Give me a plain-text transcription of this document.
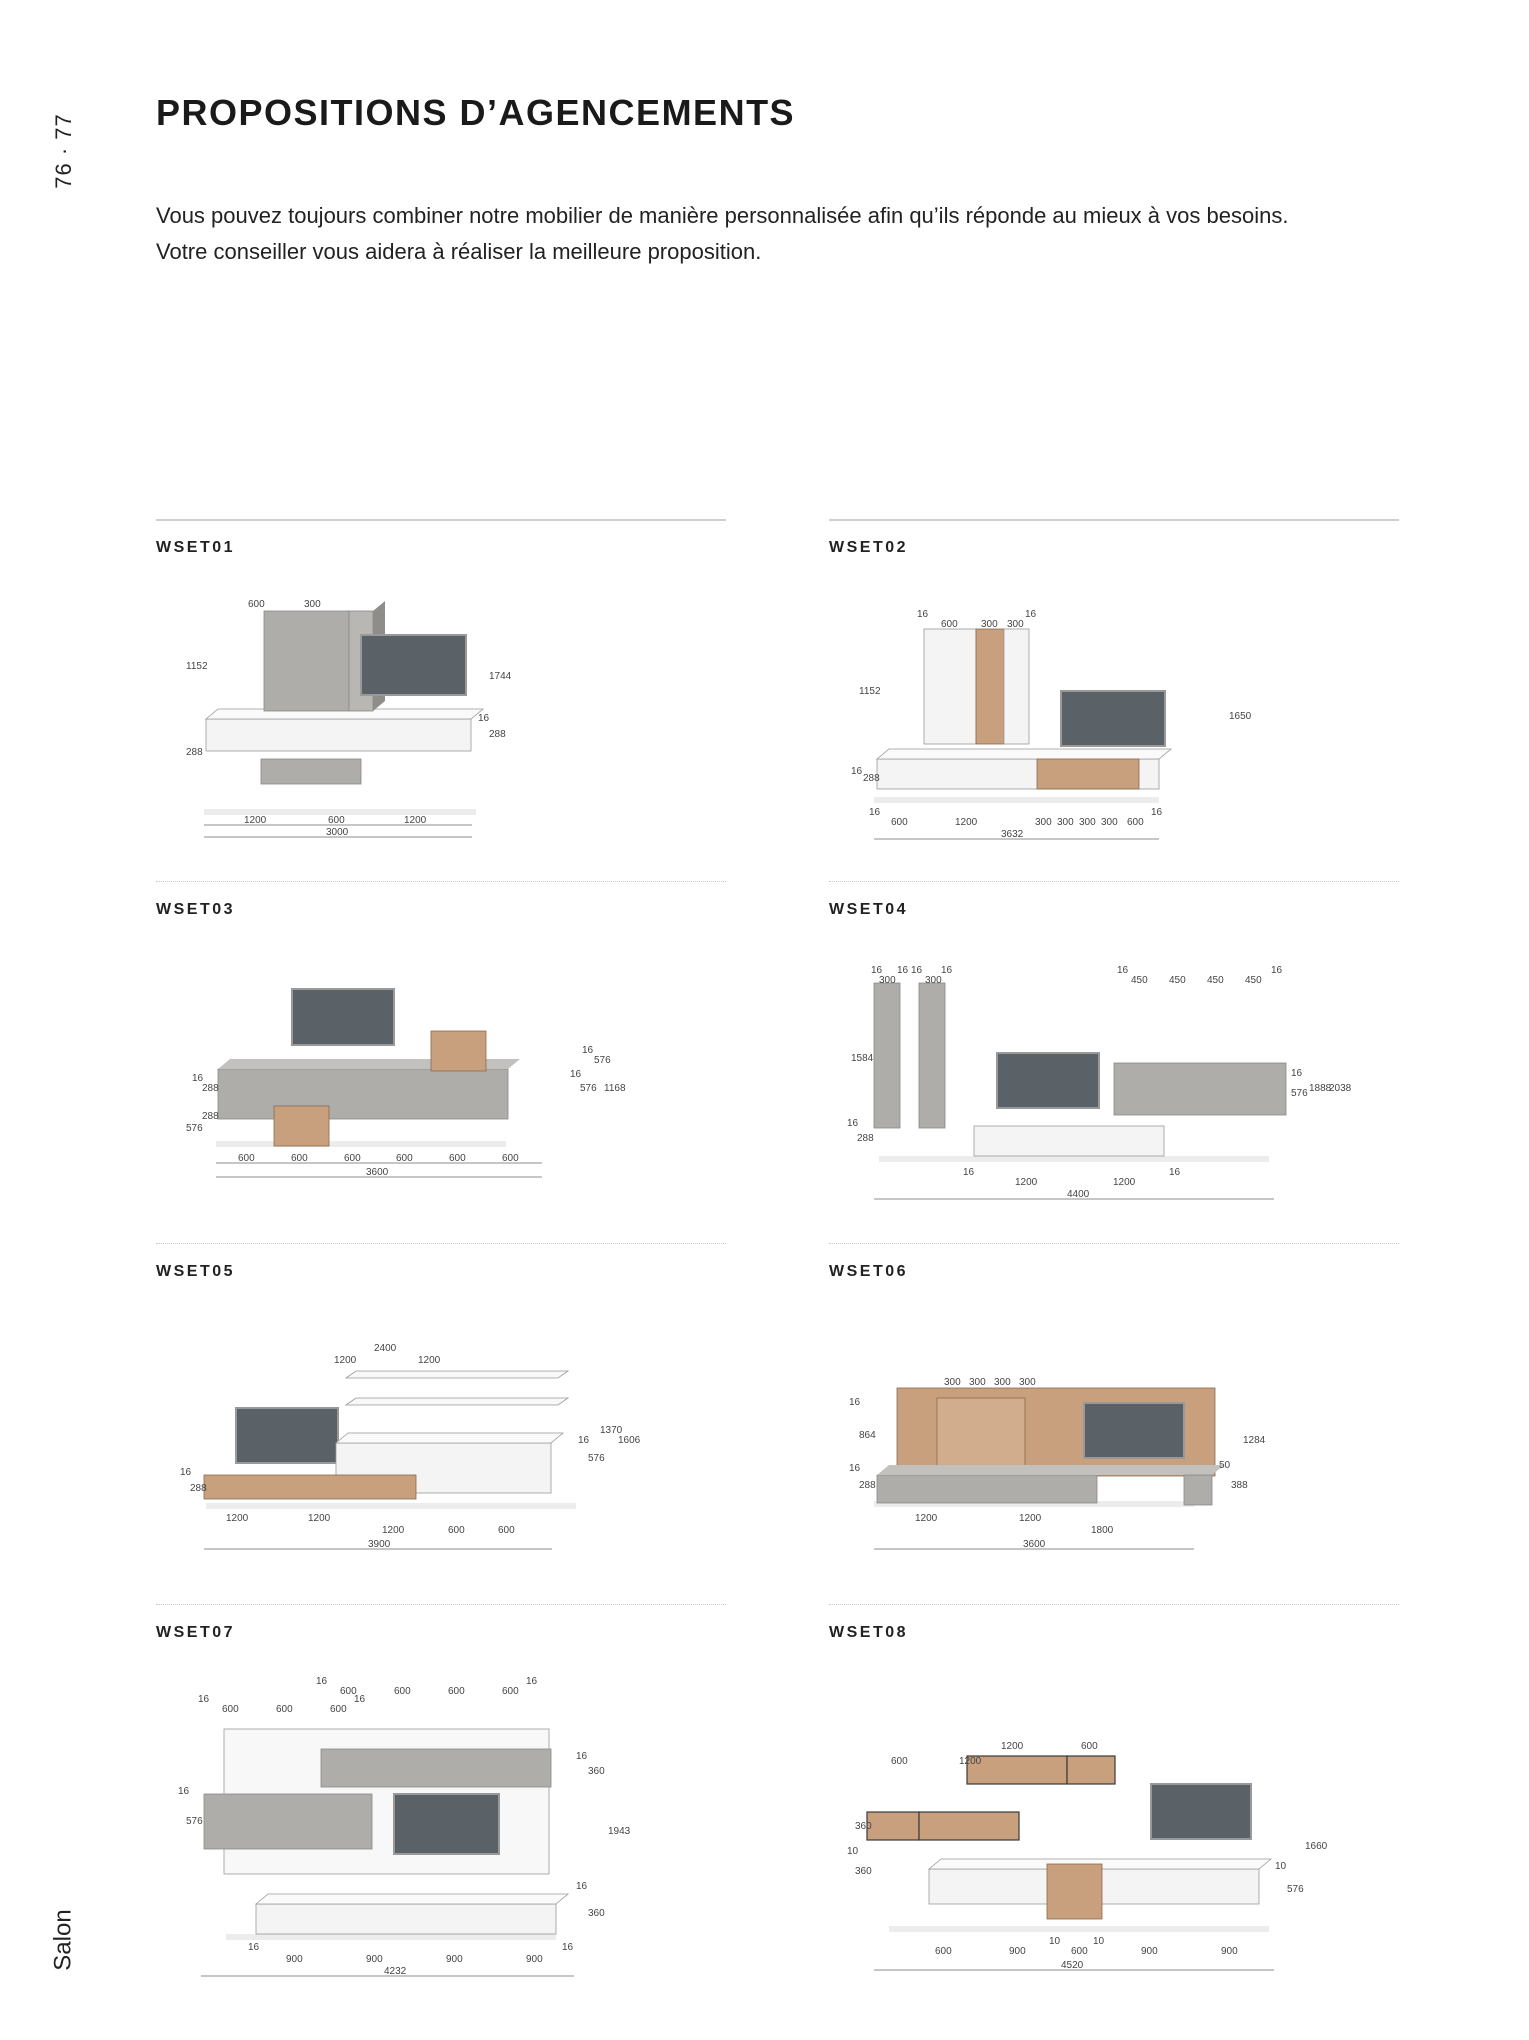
76 · 77
Salon
PROPOSITIONS D’AGENCEMENTS

Vous pouvez toujours combiner notre mobilier de manière personnalisée afin qu’ils réponde au mieux à vos besoins.

Votre conseiller vous aidera à réaliser la meilleure proposition.

WSET01
600	300
1152
288
1744
16
288
1200	600	1200
3000
WSET02
16
600 300 300
16
1152
16
288
1650
16
600	1200	300 300 300 300 600
16
3632
WSET03
16
288
288
576
16
576
16
576 1168
600	600	600	600	600	600
3600
WSET04
16
300
16 16
300
16	16
450 450 450 450
16
1584
16
288
16
576 1888
2038
16
1200	1200
16
4400
WSET05
2400
1200	1200
16
288
16
576
1370
1606
1200	1200
1200	600	600
3900
WSET06
300 300 300 300
16
864
16
288
50
388
1284
1200	1200
1800
3600
WSET07
16
600	600	600	600
16
16
600	600	600
16
16
576
16
360
1943
16
360
16
900	900	900	900
16
4232
WSET08
1200	600
600	1200
360
10
360	10
576
1660
600	900
10
600
10
900	900
4520
